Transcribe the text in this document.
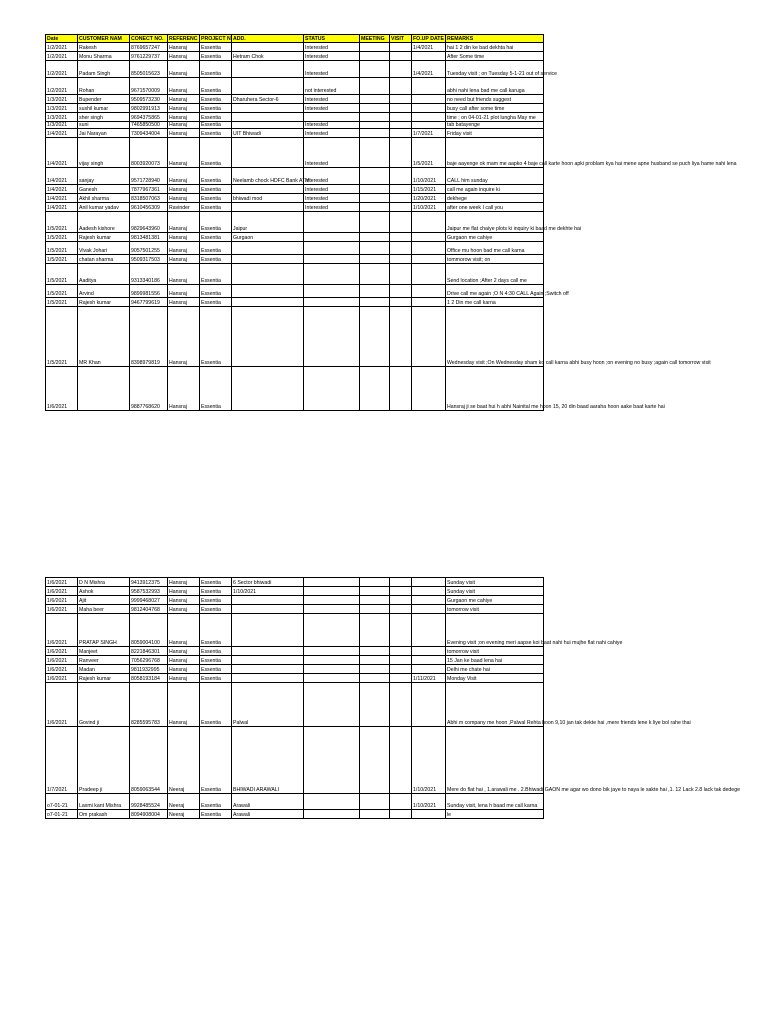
Date	CUSTOMER NAM	CONECT NO.	REFERENC	PROJECT N	ADD.	STATUS	MEETING	VISIT	FO.UP DATE	REMARKS
1/2/2021	Rakesh	8769657247	Hansraj	Essentia		Interested			1/4/2021	hai 1 2 din ke bad dekhta hai
1/2/2021	Monu Sharma	9761229737	Hansraj	Essentia	Hetram Chok	Interested				After Some time
1/2/2021	Padam Singh	8505015623	Hansraj	Essentia		Interested			1/4/2021	Tuesday visit ; on Tuesday 5-1-21 out of service
1/2/2021	Rohan	9671570009	Hansraj	Essentia		not interested				abhi nahi lena bad me call karuga
1/3/2021	Bupender	9509573230	Hansraj	Essentia	Dharuhera Sector-6	Interested				no need but friends suggest
1/3/2021	sushil kumar	9802991913	Hansraj	Essentia		Interested				busy call after some time
1/3/2021	sher singh	9694375865	Hansraj	Essentia						time ; on 04-01-21 plot lungha May me
1/3/2021	suni	7465850500	Hansraj	Essentia		Interested				tab batayenge
1/4/2021	Jai Narayan	7309434004	Hansraj	Essentia	UIT Bhiwadi	Interested			1/7/2021	Friday visit
1/4/2021	vijay singh	8003920073	Hansraj	Essentia		Interested			1/5/2021	baje aayenge ok mam me aapko 4 baje call karte hoon apki problam kya hai mene apne husband se puch liya hame nahi lena
1/4/2021	sanjay	9571728940	Hansraj	Essentia	Neelamb chock HDFC Bank ATM	Interested			1/10/2021	CALL him sunday
1/4/2021	Ganesh	7877967361	Hansraj	Essentia		Interested			1/15/2021	call me again inquire ki
1/4/2021	Akhil sharma	8318507063	Hansraj	Essentia	bhiwadi mod	Interested			1/20/2021	dekhege
1/4/2021	Anil kumar yadav	9610456309	Ravinder	Essentia		Interested			1/10/2021	after one week I call you
1/5/2021	Aadesh kishore	9829643960	Hansraj	Essentia	Jaipur					Jaipur me flat chaiye plots ki inquiry ki baad me dekhte hai
1/5/2021	Rajesh kumar	9813481381	Hansraj	Essentia	Gurgaon					Gurgaon me cahiye
1/5/2021	Vivak Johari	9057501255	Hansraj	Essentia						Office mu hoon bad me call karna
1/5/2021	chatan sharma	9509317503	Hansraj	Essentia						tommorow visit; on
1/5/2021	Aaditya	9313340186	Hansraj	Essentia						Send location ;After 2 days call me
1/5/2021	Arvind	9899981556	Hansraj	Essentia						Drive call me again ;O N 4:30 CALL Again ;Switch off
1/5/2021	Rajesh kumar	9467799619	Hansraj	Essentia						1 2 Din me call karna
1/5/2021	MR Khan	8398979819	Hansraj	Essentia						Wednesday visit ;On Wednesday sham ko call karna abhi busy hoon ;on evening no busy ;again call tomorrow visit
1/6/2021		9887768620	Hansraj	Essentia						Hansraj ji se baat hui h abhi Nainital me hoon 15, 20 din baad aaraha hoon aake baat karte hai
1/6/2021	D N Mishra	9413912375	Hansraj	Essentia	6 Sector bhiwadi					Sunday visit
1/6/2021	Ashok	9587532993	Hansraj	Essentia	1/10/2021					Sunday visit
1/6/2021	Ajit	9999468027	Hansraj	Essentia						Gurgaon me cahiye
1/6/2021	Maha beer	9812404768	Hansraj	Essentia						tomorrow visit
1/6/2021	PRATAP SINGH	8059004100	Hansraj	Essentia						Evening visit ;on evening meri aapse koi baat nahi hui mujhe flat nahi cahiye
1/6/2021	Manjeet	8221846301	Hansraj	Essentia						tomorrow visit
1/6/2021	Ranveer	7056296768	Hansraj	Essentia						15 Jan ke baad lena hai
1/6/2021	Madan	9811932995	Hansraj	Essentia						Delhi me chate hai
1/6/2021	Rajesh kumar	8058193184	Hansraj	Essentia					1/11/2021	Monday Visit
1/6/2021	Govind ji	8285595783	Hansraj	Essentia	Palwal					Abhi m company me hoon ,Palwal Rehta hoon 9,10 jan tak dekte hai ,mere friends lene k liye bol rahe thai
1/7/2021	Pradeep ji	8059063544	Neeraj	Essentia	BHIWADI ARAWALI				1/10/2021	Mere do flat hai , 1.arawali me . 2.Bhiwadi GAON me agar wo dono bik jaye to naya le sakte hai ,1. 12 Lack 2.8 lack tak dedege
o7-01-21	Laxmi kant Mishra	9928485524	Neeraj	Essentia	Arawali				1/10/2021	Sunday visit, lena h baad me call karna
o7-01-21	Om prakash	8094908004	Neeraj	Essentia	Arawali					le
